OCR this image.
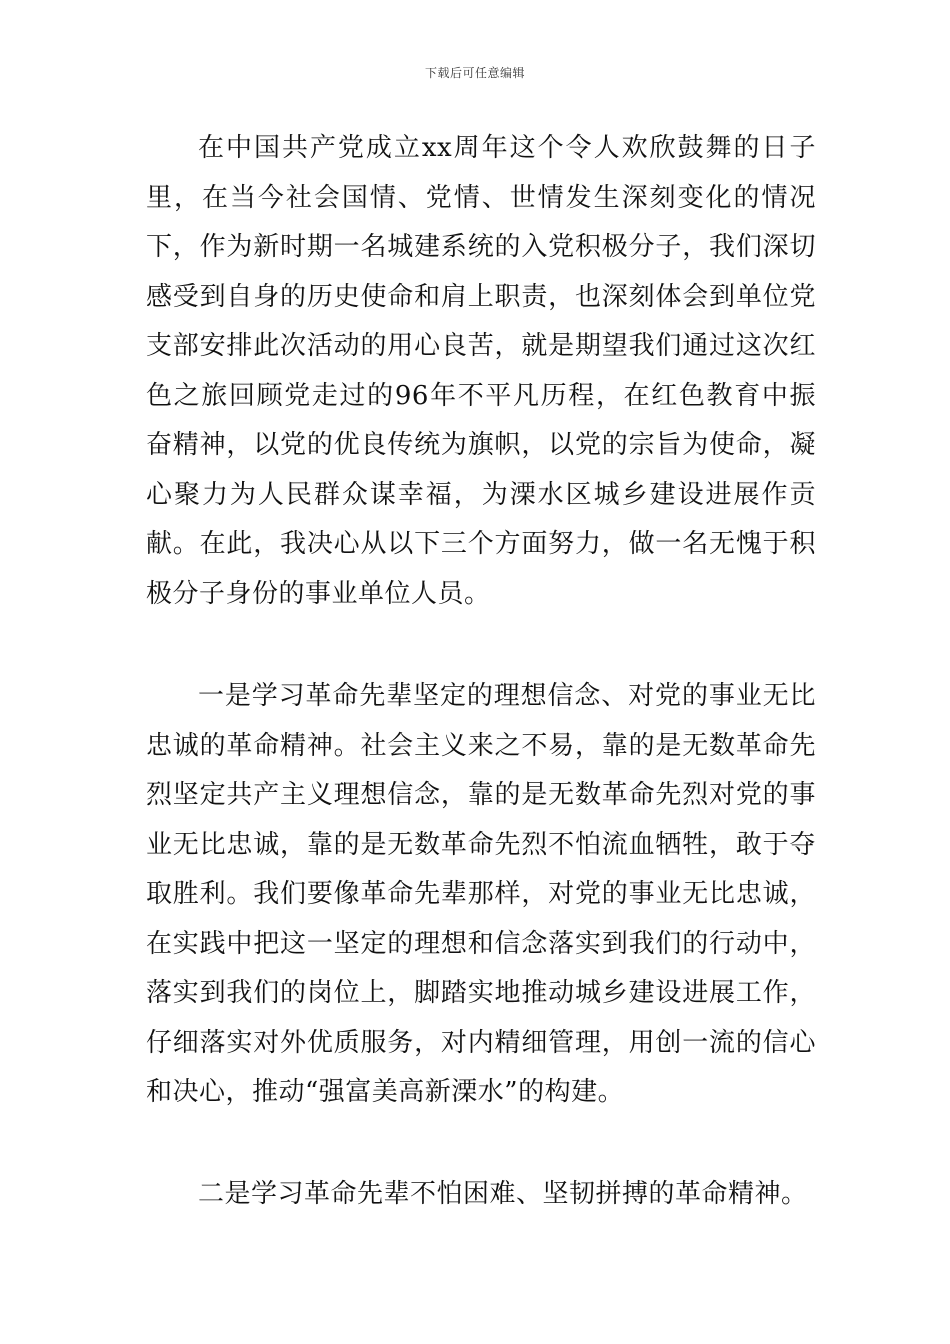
下载后可任意编辑

在中国共产党成立xx周年这个令人欢欣鼓舞的日子里，在当今社会国情、党情、世情发生深刻变化的情况下，作为新时期一名城建系统的入党积极分子，我们深切感受到自身的历史使命和肩上职责，也深刻体会到单位党支部安排此次活动的用心良苦，就是期望我们通过这次红色之旅回顾党走过的96年不平凡历程，在红色教育中振奋精神，以党的优良传统为旗帜，以党的宗旨为使命，凝心聚力为人民群众谋幸福，为溧水区城乡建设进展作贡献。在此，我决心从以下三个方面努力，做一名无愧于积极分子身份的事业单位人员。

一是学习革命先辈坚定的理想信念、对党的事业无比忠诚的革命精神。社会主义来之不易，靠的是无数革命先烈坚定共产主义理想信念，靠的是无数革命先烈对党的事业无比忠诚，靠的是无数革命先烈不怕流血牺牲，敢于夺取胜利。我们要像革命先辈那样，对党的事业无比忠诚，在实践中把这一坚定的理想和信念落实到我们的行动中，落实到我们的岗位上，脚踏实地推动城乡建设进展工作，仔细落实对外优质服务，对内精细管理，用创一流的信心和决心，推动“强富美高新溧水”的构建。

二是学习革命先辈不怕困难、坚韧拼搏的革命精神。
